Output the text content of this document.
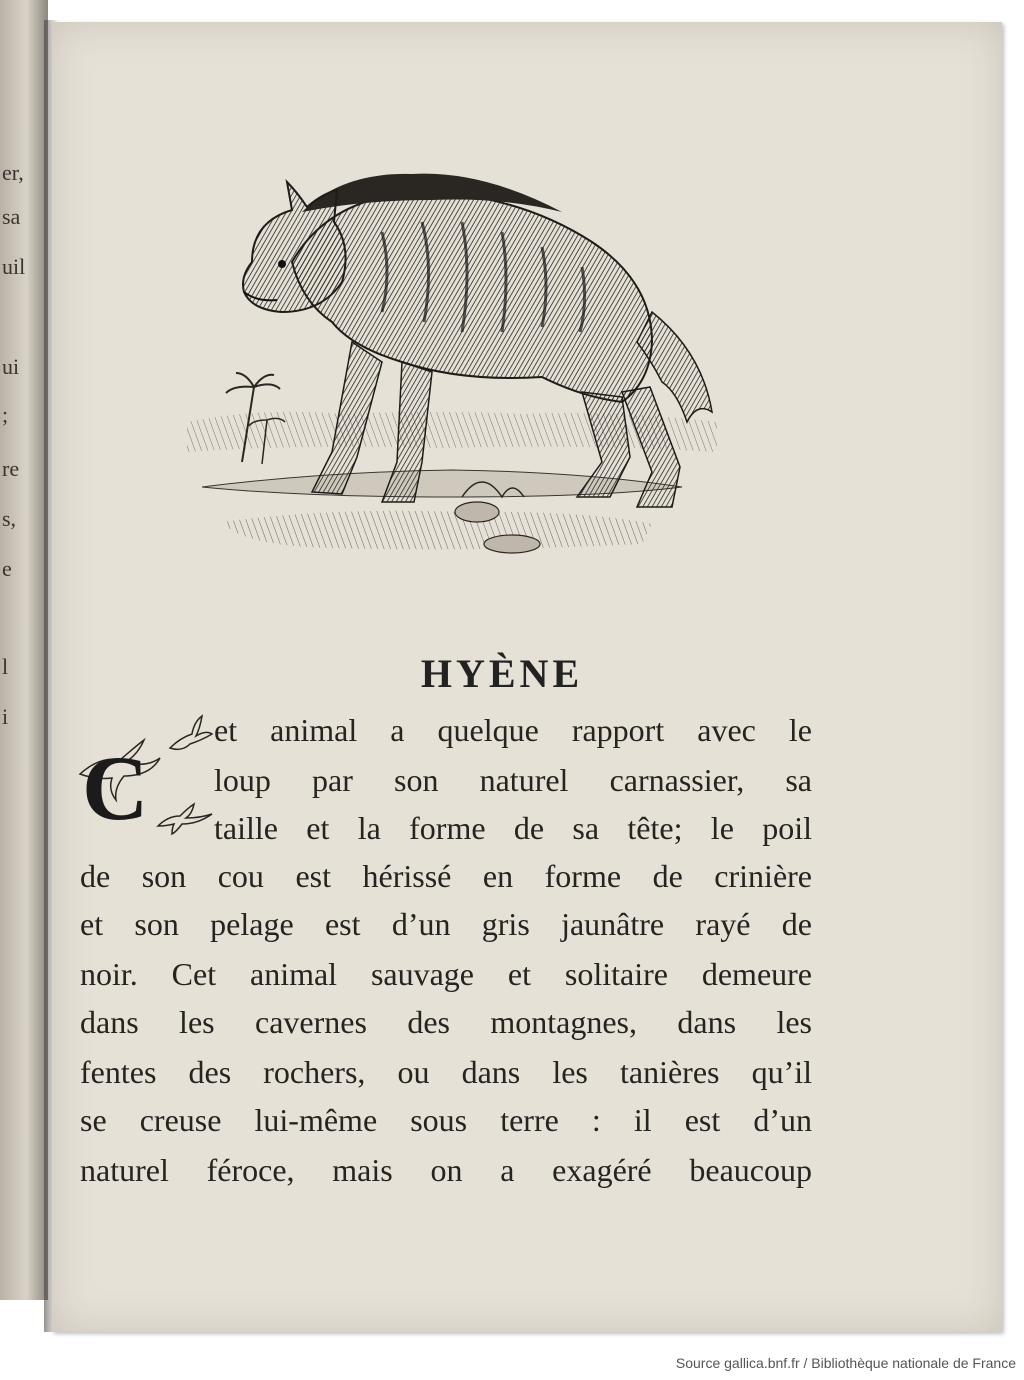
er,
sa
uil
ui
;
re
s,
e
l
i
HYÈNE
C
et animal a quelque rapport avec le
loup par son naturel carnassier, sa
taille et la forme de sa tête; le poil
de son cou est hérissé en forme de crinière
et son pelage est d’un gris jaunâtre rayé de
noir. Cet animal sauvage et solitaire demeure
dans les cavernes des montagnes, dans les
fentes des rochers, ou dans les tanières qu’il
se creuse lui-même sous terre : il est d’un
naturel féroce, mais on a exagéré beaucoup
Source gallica.bnf.fr / Bibliothèque nationale de France
